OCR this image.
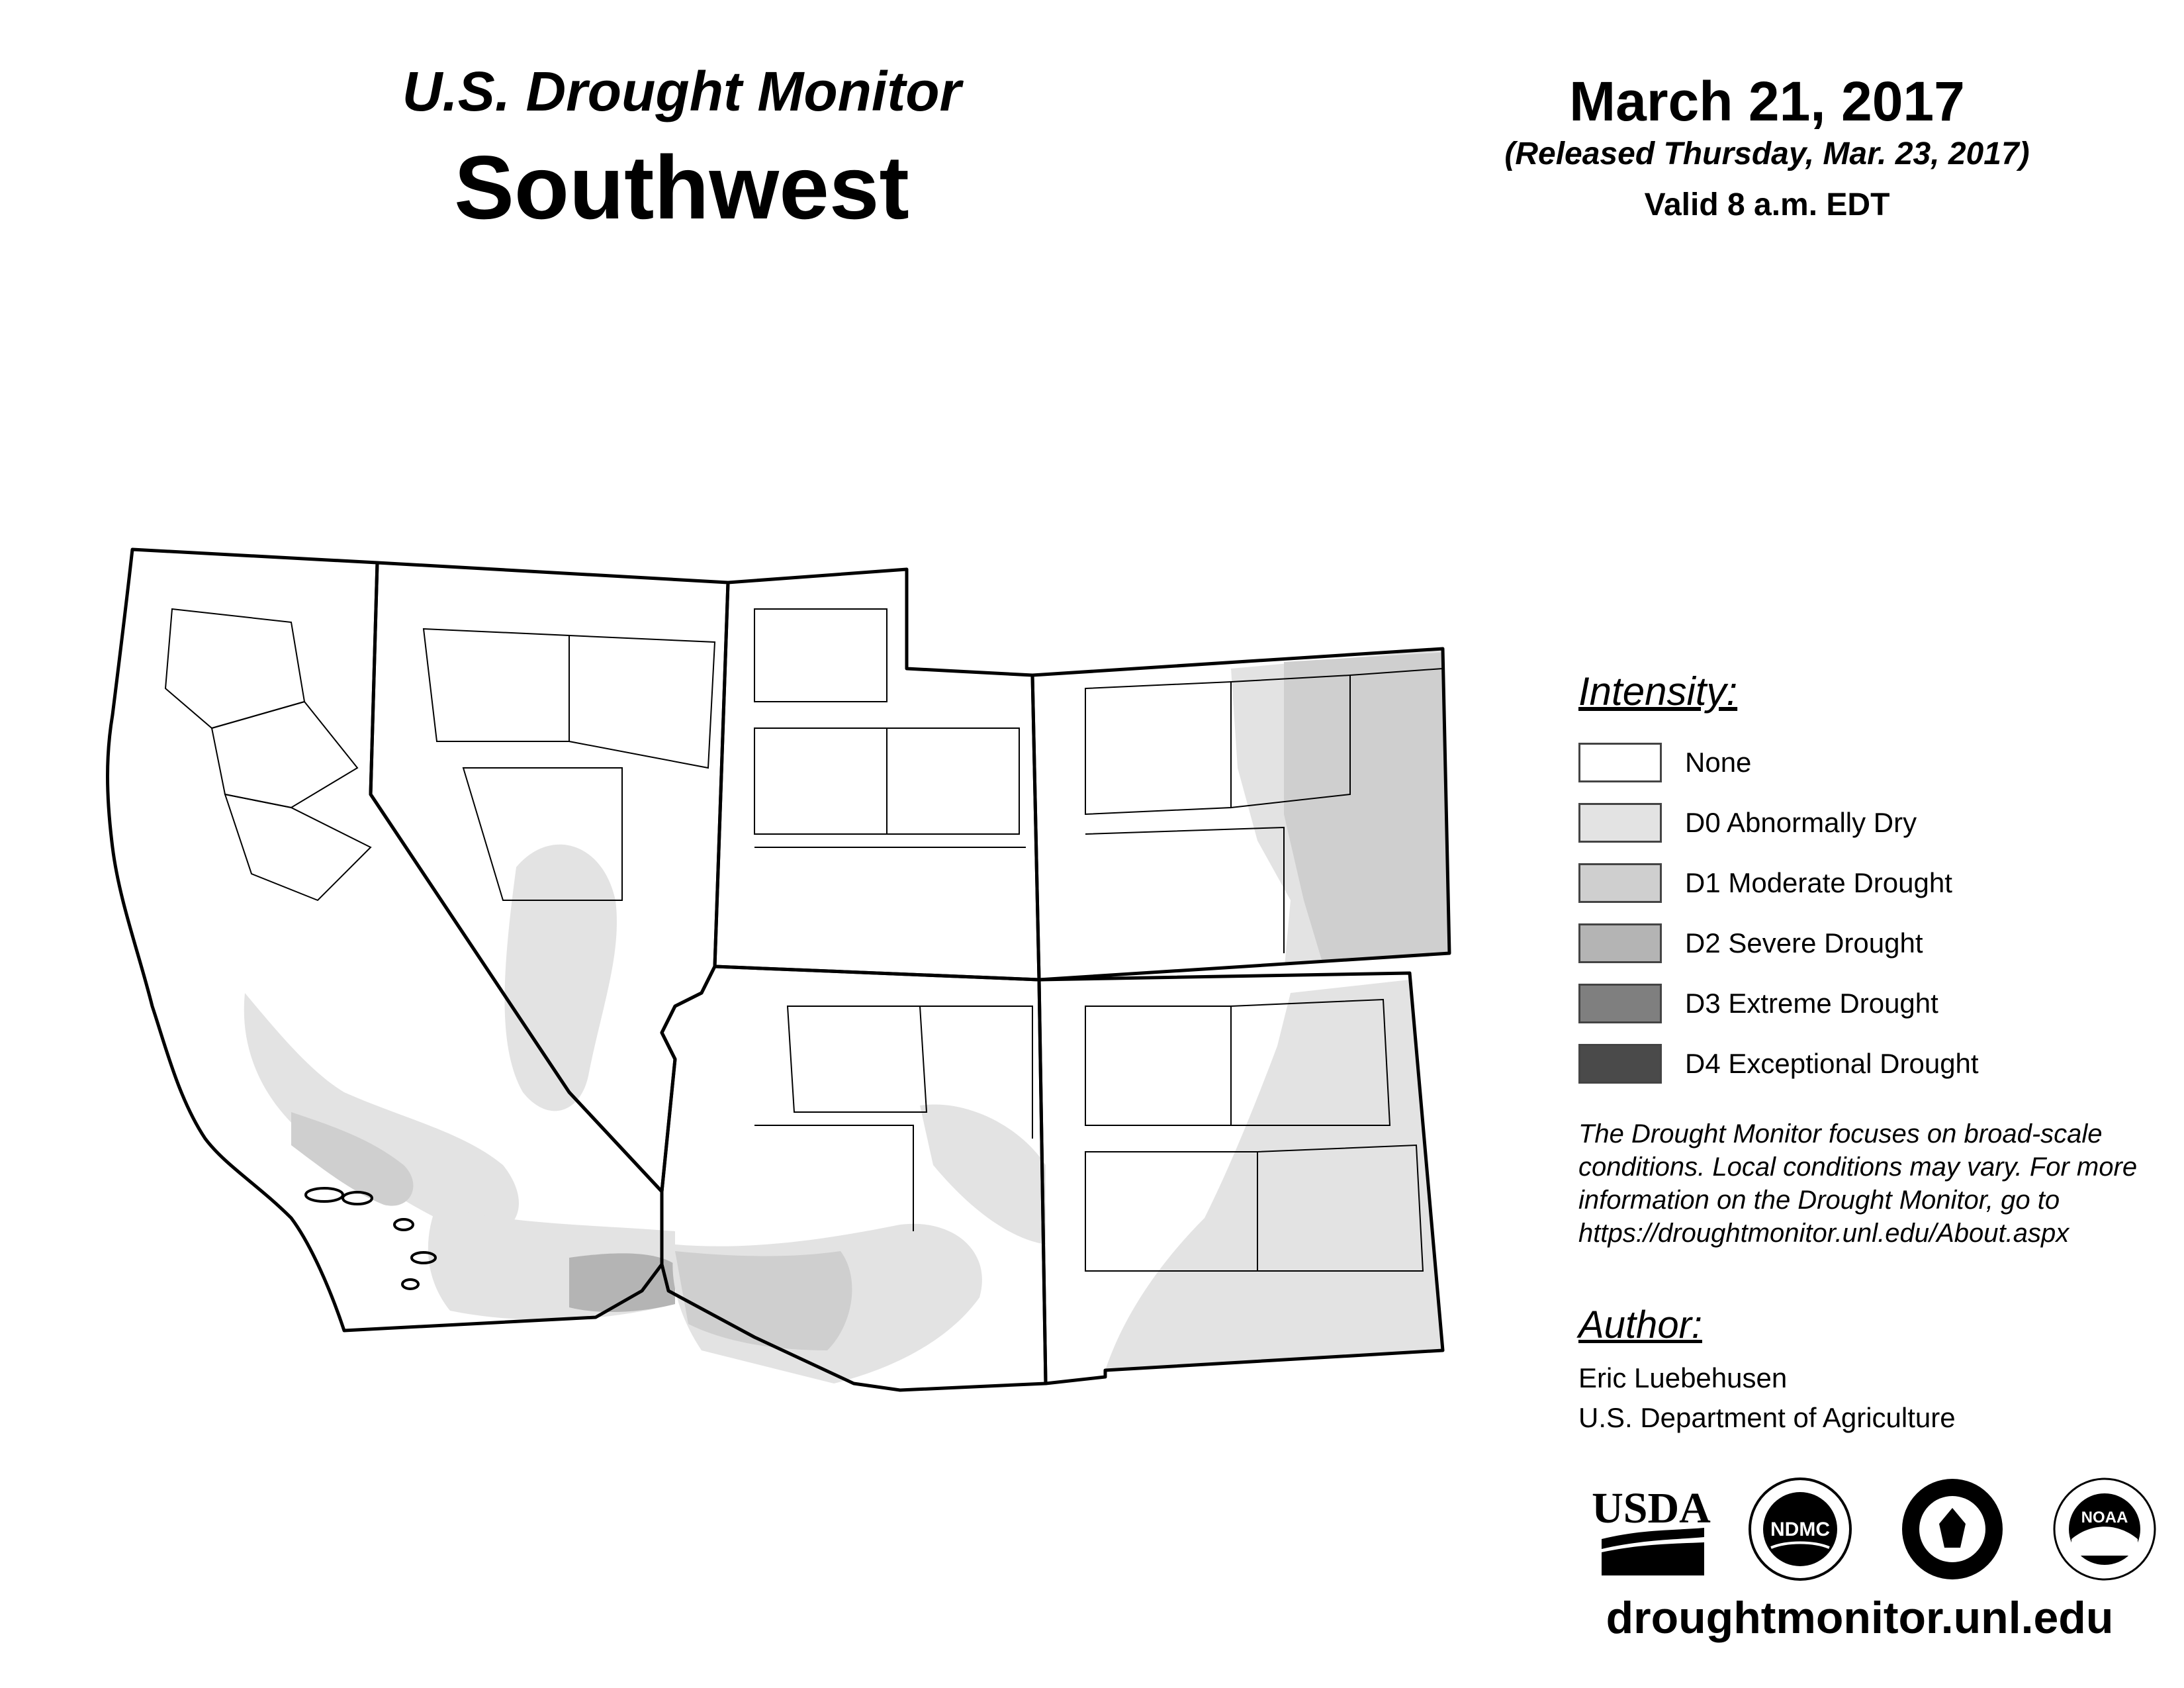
U.S. Drought Monitor
Southwest
March 21, 2017
(Released Thursday, Mar. 23, 2017)
Valid 8 a.m. EDT
Intensity:
None
D0 Abnormally Dry
D1 Moderate Drought
D2 Severe Drought
D3 Extreme Drought
D4 Exceptional Drought
The Drought Monitor focuses on broad-scale conditions. Local conditions may vary. For more information on the Drought Monitor, go to https://droughtmonitor.unl.edu/About.aspx
Author:
Eric Luebehusen
U.S. Department of Agriculture
USDA	NDMC
NOAA
droughtmonitor.unl.edu
